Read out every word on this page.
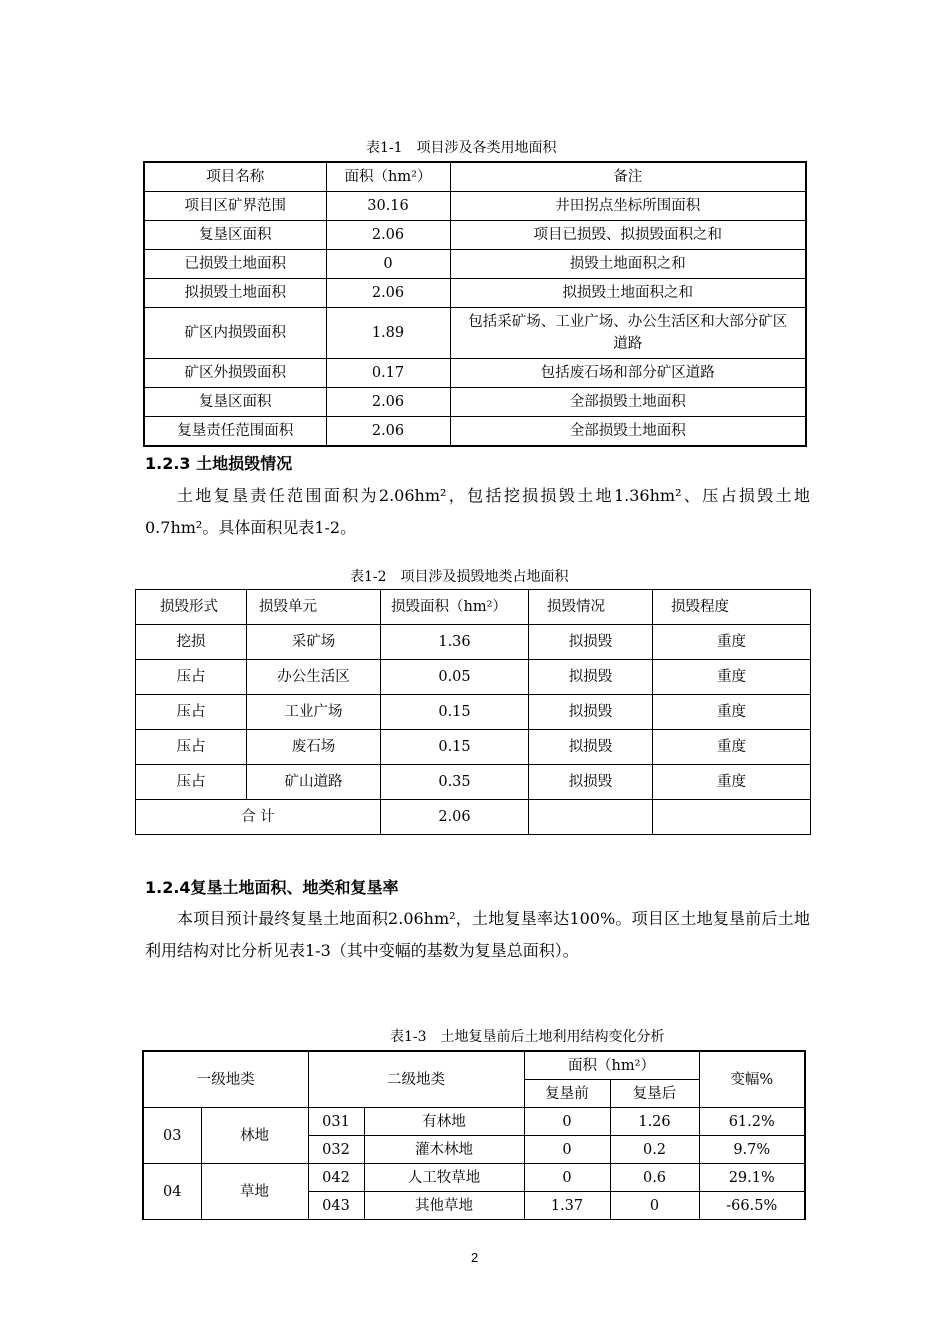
表1-1　项目涉及各类用地面积
项目名称	面积（hm²）	备注
项目区矿界范围	30.16	井田拐点坐标所围面积
复垦区面积	2.06	项目已损毁、拟损毁面积之和
已损毁土地面积	0	损毁土地面积之和
拟损毁土地面积	2.06	拟损毁土地面积之和
矿区内损毁面积	1.89	包括采矿场、工业广场、办公生活区和大部分矿区道路
矿区外损毁面积	0.17	包括废石场和部分矿区道路
复垦区面积	2.06	全部损毁土地面积
复垦责任范围面积	2.06	全部损毁土地面积
1.2.3 土地损毁情况
土地复垦责任范围面积为2.06hm²，包括挖损损毁土地1.36hm²、压占损毁土地0.7hm²。具体面积见表1-2。
表1-2　项目涉及损毁地类占地面积
损毁形式	损毁单元	损毁面积（hm²）	损毁情况	损毁程度
挖损	采矿场	1.36	拟损毁	重度
压占	办公生活区	0.05	拟损毁	重度
压占	工业广场	0.15	拟损毁	重度
压占	废石场	0.15	拟损毁	重度
压占	矿山道路	0.35	拟损毁	重度
合 计		2.06		
1.2.4复垦土地面积、地类和复垦率
本项目预计最终复垦土地面积2.06hm²，土地复垦率达100%。项目区土地复垦前后土地利用结构对比分析见表1-3（其中变幅的基数为复垦总面积）。
表1-3　土地复垦前后土地利用结构变化分析
一级地类		二级地类		面积（hm²）		变幅%
				复垦前	复垦后	
03	林地	031	有林地	0	1.26	61.2%
		032	灌木林地	0	0.2	9.7%
04	草地	042	人工牧草地	0	0.6	29.1%
		043	其他草地	1.37	0	-66.5%
2
